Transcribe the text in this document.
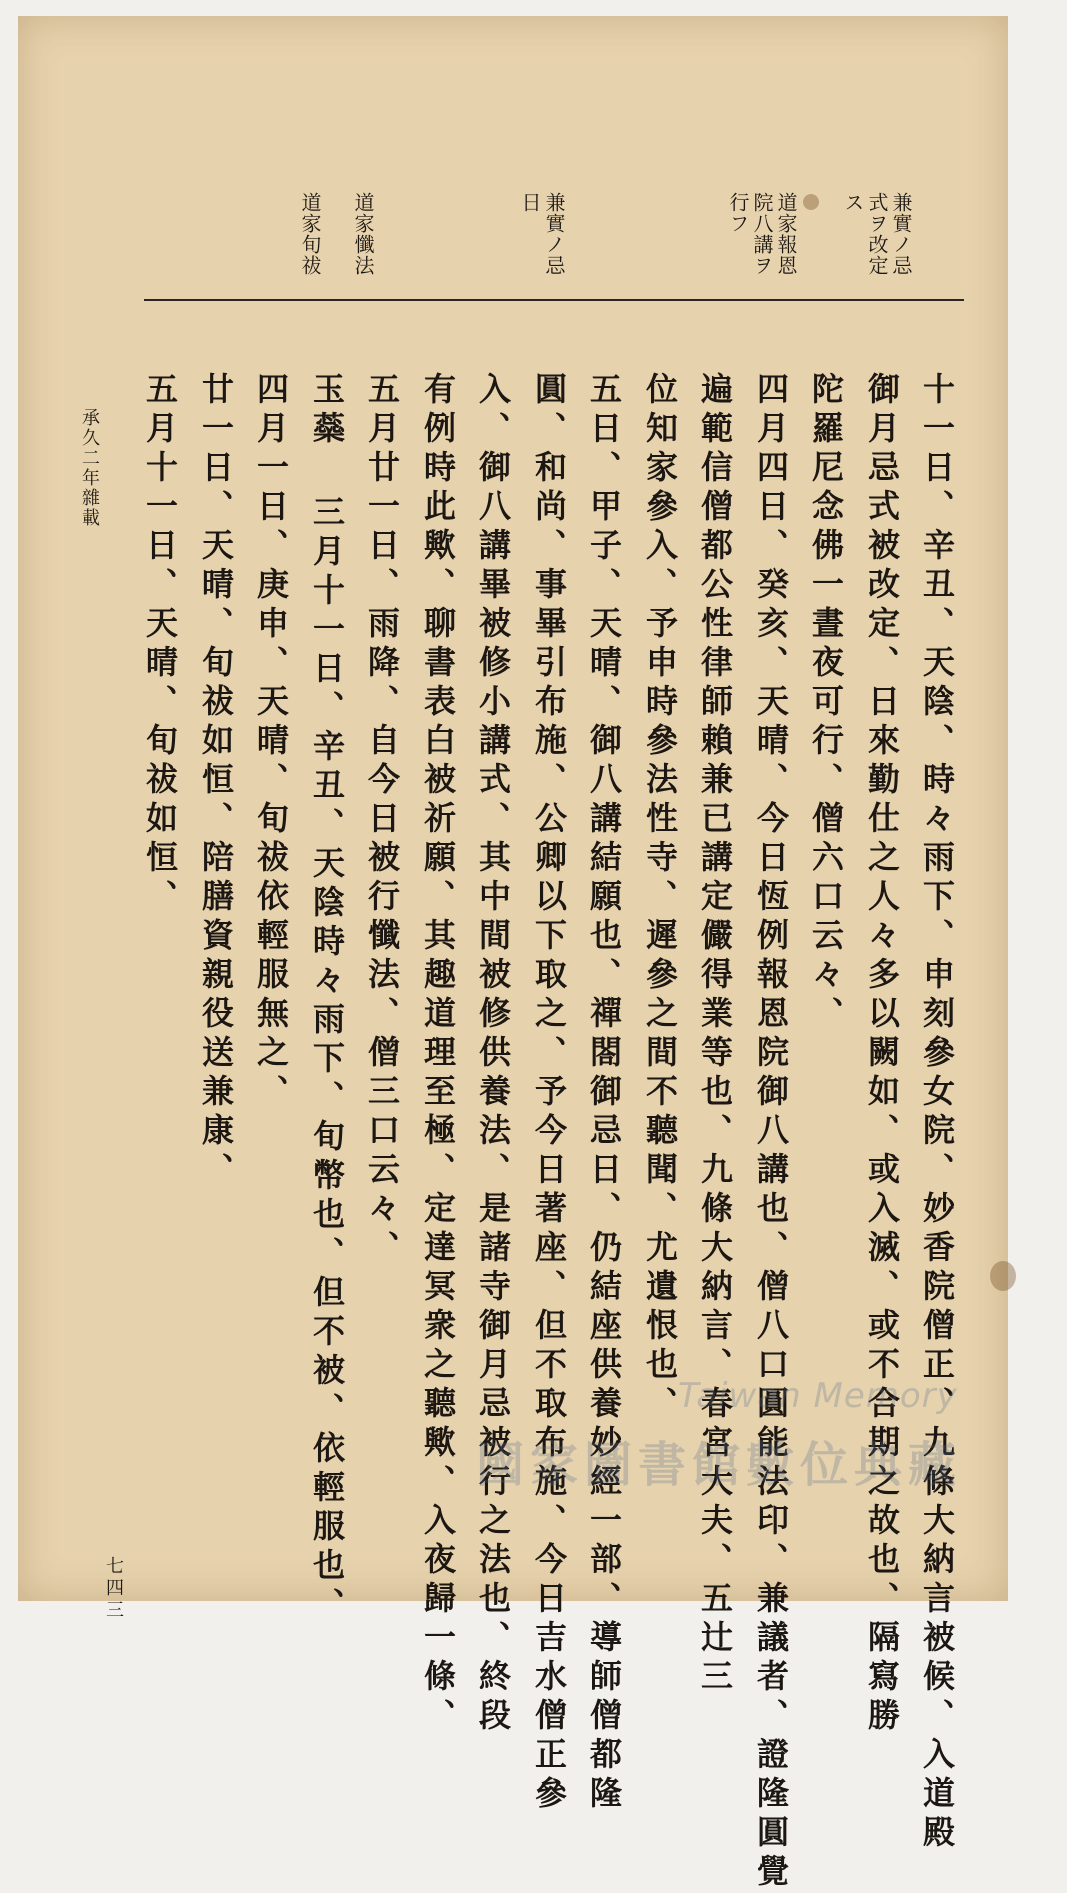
兼實ノ忌
式ヲ改定
ス
道家報恩
院八講ヲ
行フ
兼實ノ忌
日
道家懺法
道家旬祓
十一日、辛丑、天陰、時々雨下、申刻參女院、妙香院僧正、九條大納言被候、入道殿
御月忌式被改定、日來勤仕之人々多以闕如、或入滅、或不合期之故也、隔寫勝
陀羅尼念佛一晝夜可行、僧六口云々、
四月四日、癸亥、天晴、今日恆例報恩院御八講也、僧八口圓能法印、兼議者、證隆圓覺
遍範信僧都公性律師賴兼已講定儼得業等也、九條大納言、春宮大夫、五辻三
位知家參入、予申時參法性寺、遲參之間不聽聞、尤遺恨也、
五日、甲子、天晴、御八講結願也、禪閤御忌日、仍結座供養妙經一部、導師僧都隆
圓、和尚、事畢引布施、公卿以下取之、予今日著座、但不取布施、今日吉水僧正參
入、御八講畢被修小講式、其中間被修供養法、是諸寺御月忌被行之法也、終段
有例時此歟、聊書表白被祈願、其趣道理至極、定達冥衆之聽歟、入夜歸一條、
五月廿一日、雨降、自今日被行懺法、僧三口云々、
玉蘂 三月十一日、辛丑、天陰時々雨下、旬幣也、但不被、依輕服也、
四月一日、庚申、天晴、旬祓依輕服無之、
廿一日、天晴、旬祓如恒、陪膳資親役送兼康、
五月十一日、天晴、旬祓如恒、
承久二年雜載
七四三
Taiwan Memory
國家圖書館數位典藏
